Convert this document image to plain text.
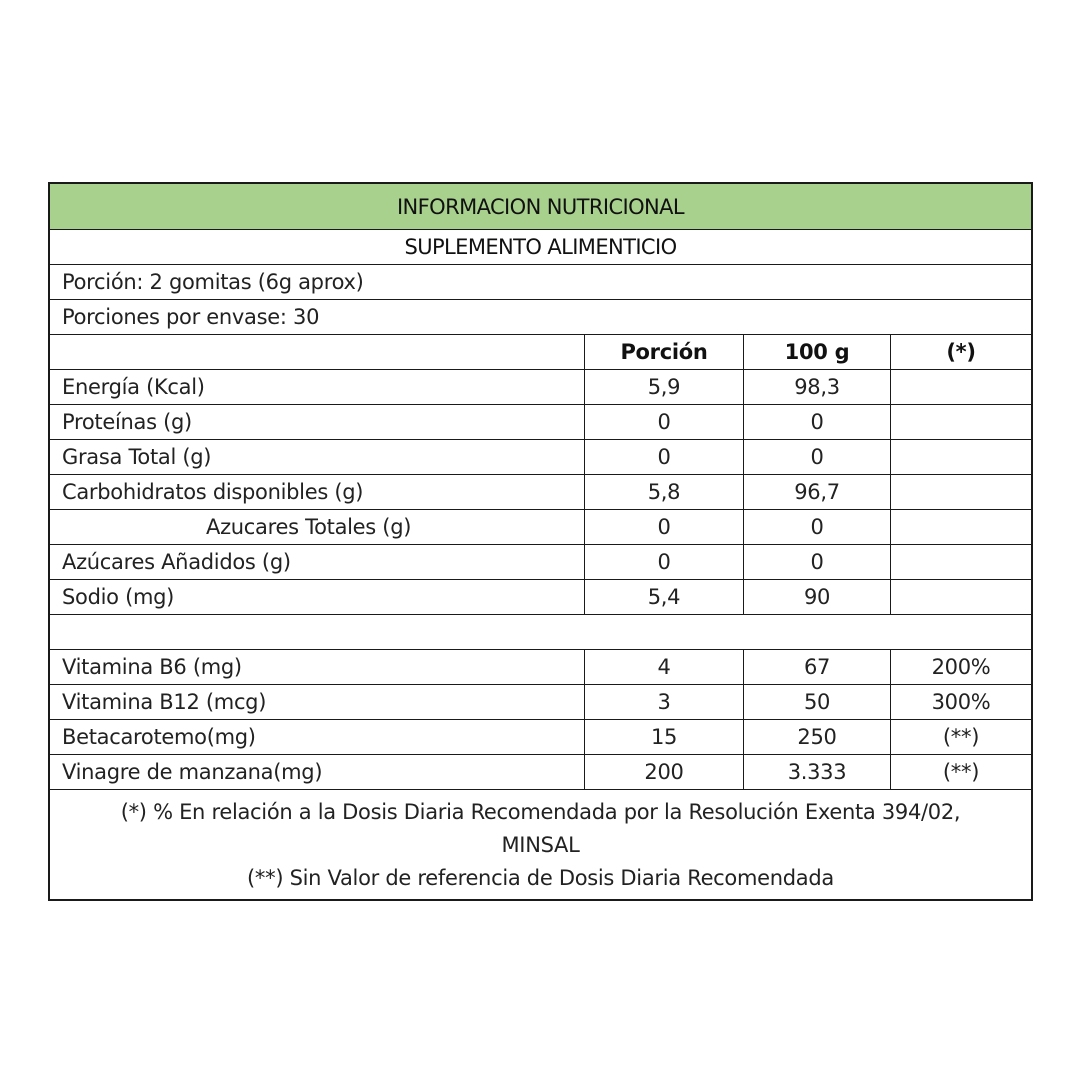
INFORMACION NUTRICIONAL
SUPLEMENTO ALIMENTICIO
Porción: 2 gomitas (6g aprox)
Porciones por envase: 30
Porción	100 g	(*)
Energía (Kcal)	5,9	98,3
Proteínas (g)	0	0
Grasa Total (g)	0	0
Carbohidratos disponibles (g)	5,8	96,7
Azucares Totales (g)	0	0
Azúcares Añadidos (g)	0	0
Sodio (mg)	5,4	90
Vitamina B6 (mg)	4	67	200%
Vitamina B12 (mcg)	3	50	300%
Betacarotemo(mg)	15	250	(**)
Vinagre de manzana(mg)	200	3.333	(**)
(*) % En relación a la Dosis Diaria Recomendada por la Resolución Exenta 394/02,
MINSAL
(**) Sin Valor de referencia de Dosis Diaria Recomendada
